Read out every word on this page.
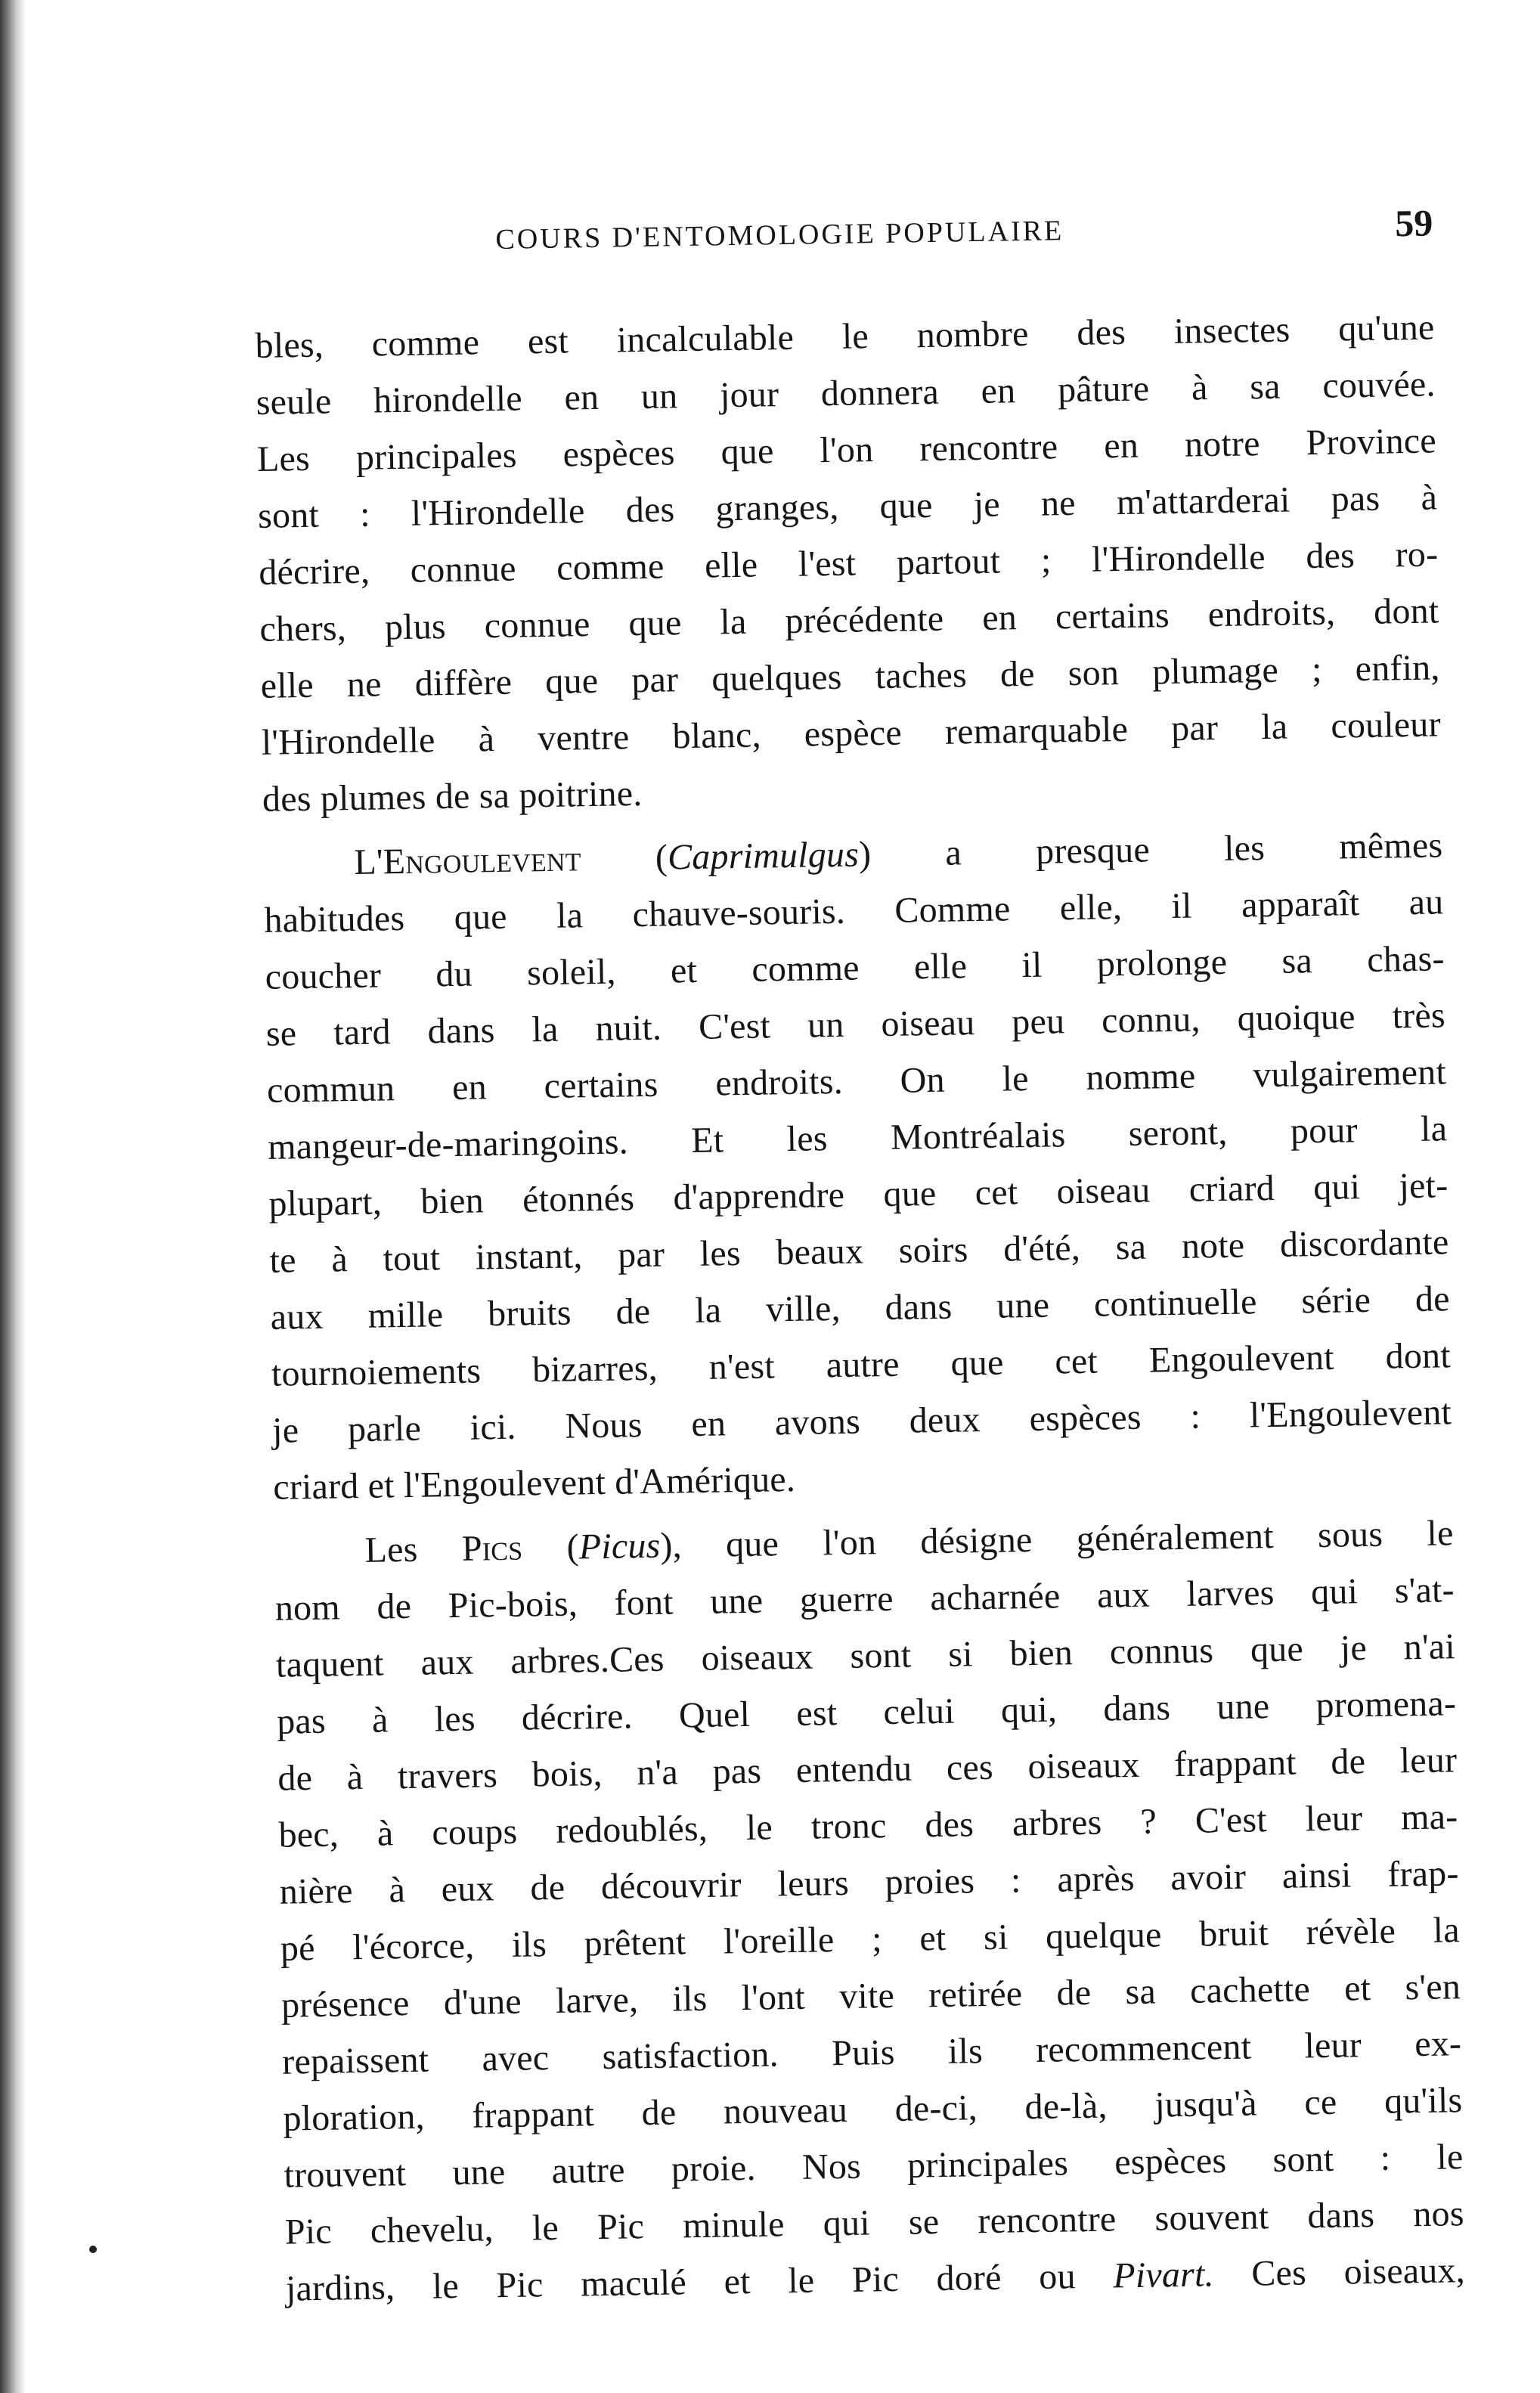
COURS D'ENTOMOLOGIE POPULAIRE	59
bles, comme est incalculable le nombre des insectes qu'une
seule hirondelle en un jour donnera en pâture à sa couvée.
Les principales espèces que l'on rencontre en notre Province
sont : l'Hirondelle des granges, que je ne m'attarderai pas à
décrire, connue comme elle l'est partout ; l'Hirondelle des ro-
chers, plus connue que la précédente en certains endroits, dont
elle ne diffère que par quelques taches de son plumage ; enfin,
l'Hirondelle à ventre blanc, espèce remarquable par la couleur
des plumes de sa poitrine.
L'Engoulevent (Caprimulgus) a presque les mêmes
habitudes que la chauve-souris. Comme elle, il apparaît au
coucher du soleil, et comme elle il prolonge sa chas-
se tard dans la nuit. C'est un oiseau peu connu, quoique très
commun en certains endroits. On le nomme vulgairement
mangeur-de-maringoins. Et les Montréalais seront, pour la
plupart, bien étonnés d'apprendre que cet oiseau criard qui jet-
te à tout instant, par les beaux soirs d'été, sa note discordante
aux mille bruits de la ville, dans une continuelle série de
tournoiements bizarres, n'est autre que cet Engoulevent dont
je parle ici. Nous en avons deux espèces : l'Engoulevent
criard et l'Engoulevent d'Amérique.
Les Pics (Picus), que l'on désigne généralement sous le
nom de Pic-bois, font une guerre acharnée aux larves qui s'at-
taquent aux arbres.Ces oiseaux sont si bien connus que je n'ai
pas à les décrire. Quel est celui qui, dans une promena-
de à travers bois, n'a pas entendu ces oiseaux frappant de leur
bec, à coups redoublés, le tronc des arbres ? C'est leur ma-
nière à eux de découvrir leurs proies : après avoir ainsi frap-
pé l'écorce, ils prêtent l'oreille ; et si quelque bruit révèle la
présence d'une larve, ils l'ont vite retirée de sa cachette et s'en
repaissent avec satisfaction. Puis ils recommencent leur ex-
ploration, frappant de nouveau de-ci, de-là, jusqu'à ce qu'ils
trouvent une autre proie. Nos principales espèces sont : le
Pic chevelu, le Pic minule qui se rencontre souvent dans nos
jardins, le Pic maculé et le Pic doré ou Pivart. Ces oiseaux,
